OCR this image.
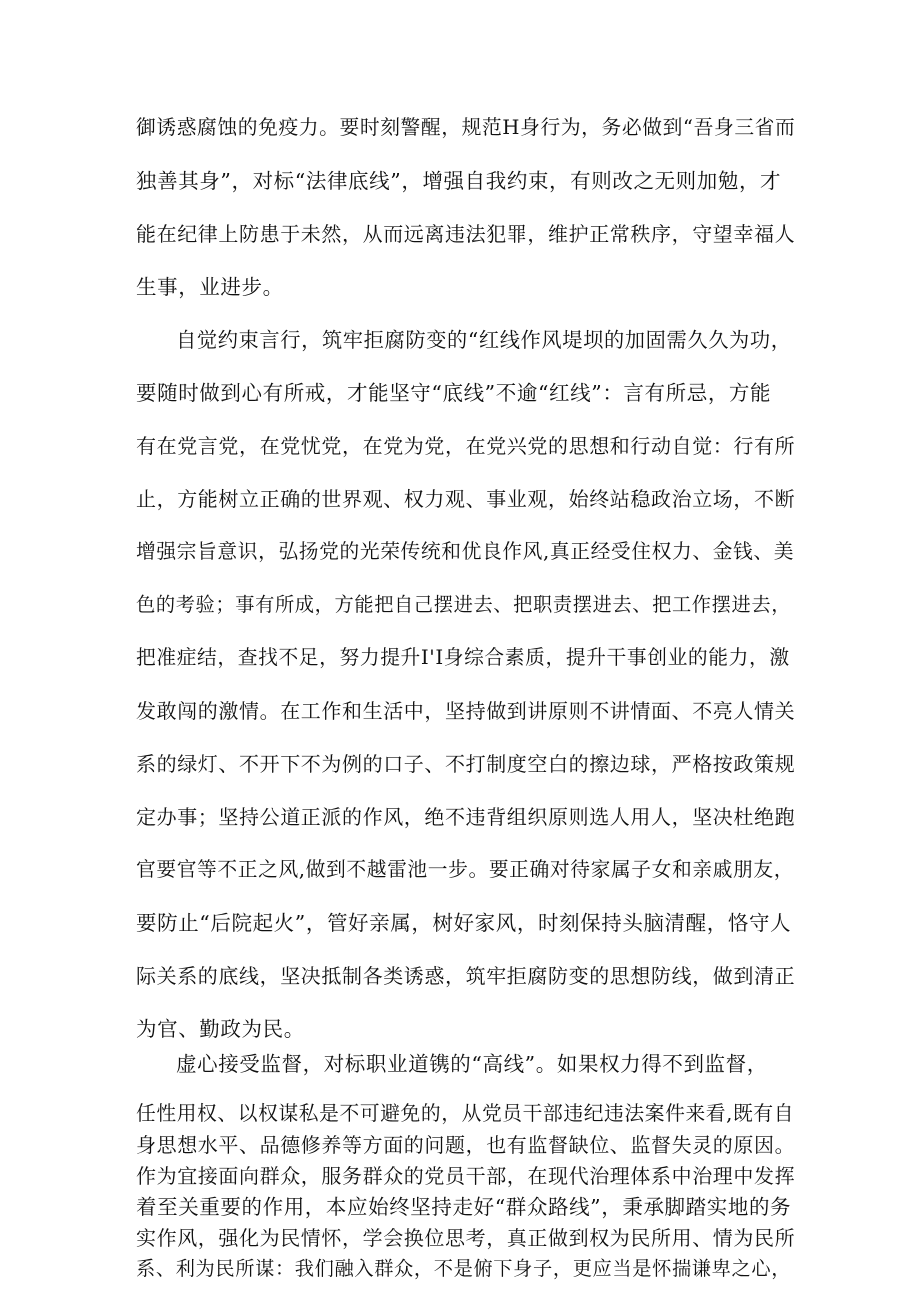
御诱惑腐蚀的免疫力。要时刻警醒，规范H身行为，务必做到“吾身三省而

独善其身”，对标“法律底线”，增强自我约束，有则改之无则加勉，才

能在纪律上防患于未然，从而远离违法犯罪，维护正常秩序，守望幸福人

生事，业进步。

自觉约束言行，筑牢拒腐防变的“红线作风堤坝的加固需久久为功，

要随时做到心有所戒，才能坚守“底线”不逾“红线”：言有所忌，方能

有在党言党，在党忧党，在党为党，在党兴党的思想和行动自觉：行有所

止，方能树立正确的世界观、权力观、事业观，始终站稳政治立场，不断

增强宗旨意识，弘扬党的光荣传统和优良作风,真正经受住权力、金钱、美

色的考验；事有所成，方能把自己摆进去、把职责摆进去、把工作摆进去，

把准症结，查找不足，努力提升I'I身综合素质，提升干事创业的能力，激

发敢闯的激情。在工作和生活中，坚持做到讲原则不讲情面、不亮人情关

系的绿灯、不开下不为例的口子、不打制度空白的擦边球，严格按政策规

定办事；坚持公道正派的作风，绝不违背组织原则选人用人，坚决杜绝跑

官要官等不正之风,做到不越雷池一步。要正确对待家属子女和亲戚朋友，

要防止“后院起火”，管好亲属，树好家风，时刻保持头脑清醒，恪守人

际关系的底线，坚决抵制各类诱惑，筑牢拒腐防变的思想防线，做到清正

为官、勤政为民。

虚心接受监督，对标职业道镌的“高线”。如果权力得不到监督，

任性用权、以权谋私是不可避免的，从党员干部违纪违法案件来看,既有自

身思想水平、品德修养等方面的问题，也有监督缺位、监督失灵的原因。

作为宜接面向群众，服务群众的党员干部，在现代治理体系中治理中发挥

着至关重要的作用，本应始终坚持走好“群众路线”，秉承脚踏实地的务

实作风，强化为民情怀，学会换位思考，真正做到权为民所用、情为民所

系、利为民所谋：我们融入群众，不是俯下身子，更应当是怀揣谦卑之心，
